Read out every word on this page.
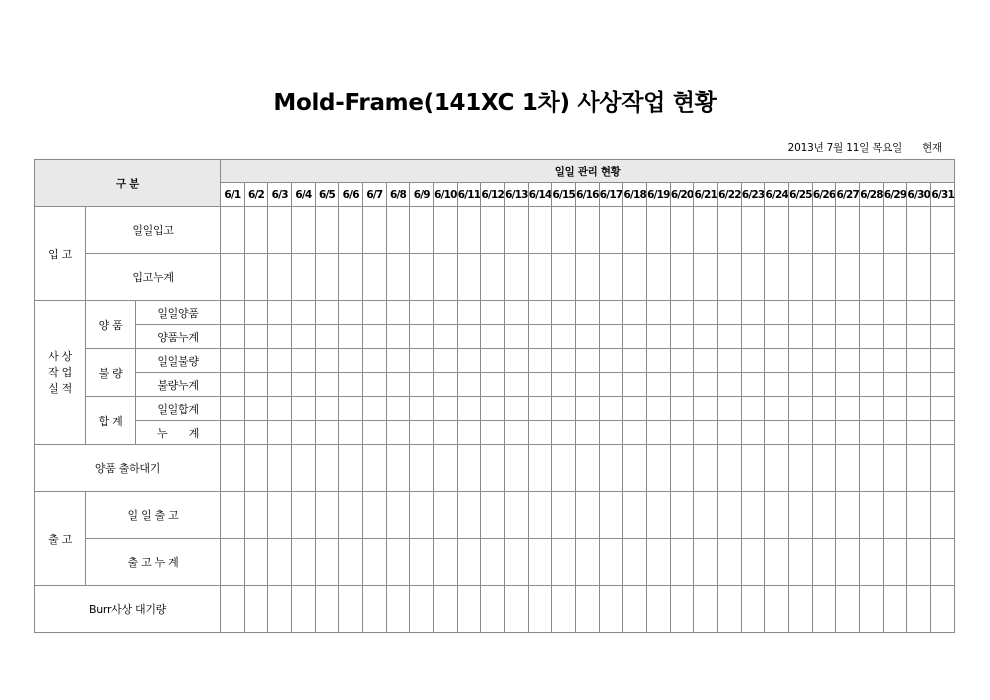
Mold-Frame(141XC 1차) 사상작업 현황
2013년 7월 11일 목요일 현재
구 분			일일 관리 현황																														
			6/1	6/2	6/3	6/4	6/5	6/6	6/7	6/8	6/9	6/10	6/11	6/12	6/13	6/14	6/15	6/16	6/17	6/18	6/19	6/20	6/21	6/22	6/23	6/24	6/25	6/26	6/27	6/28	6/29	6/30	6/31
입 고	일일입고																																
	입고누계																																

사 상
작 업
실 적	양 품	일일양품																															
		양품누계																															
	불 량	일일불량																															
		불량누계																															
	합 계	일일합계																															
		누　　계																															
양품 출하대기																																	
출 고	일 일 출 고																																
	출 고 누 계																																
Burr사상 대기량																																	
